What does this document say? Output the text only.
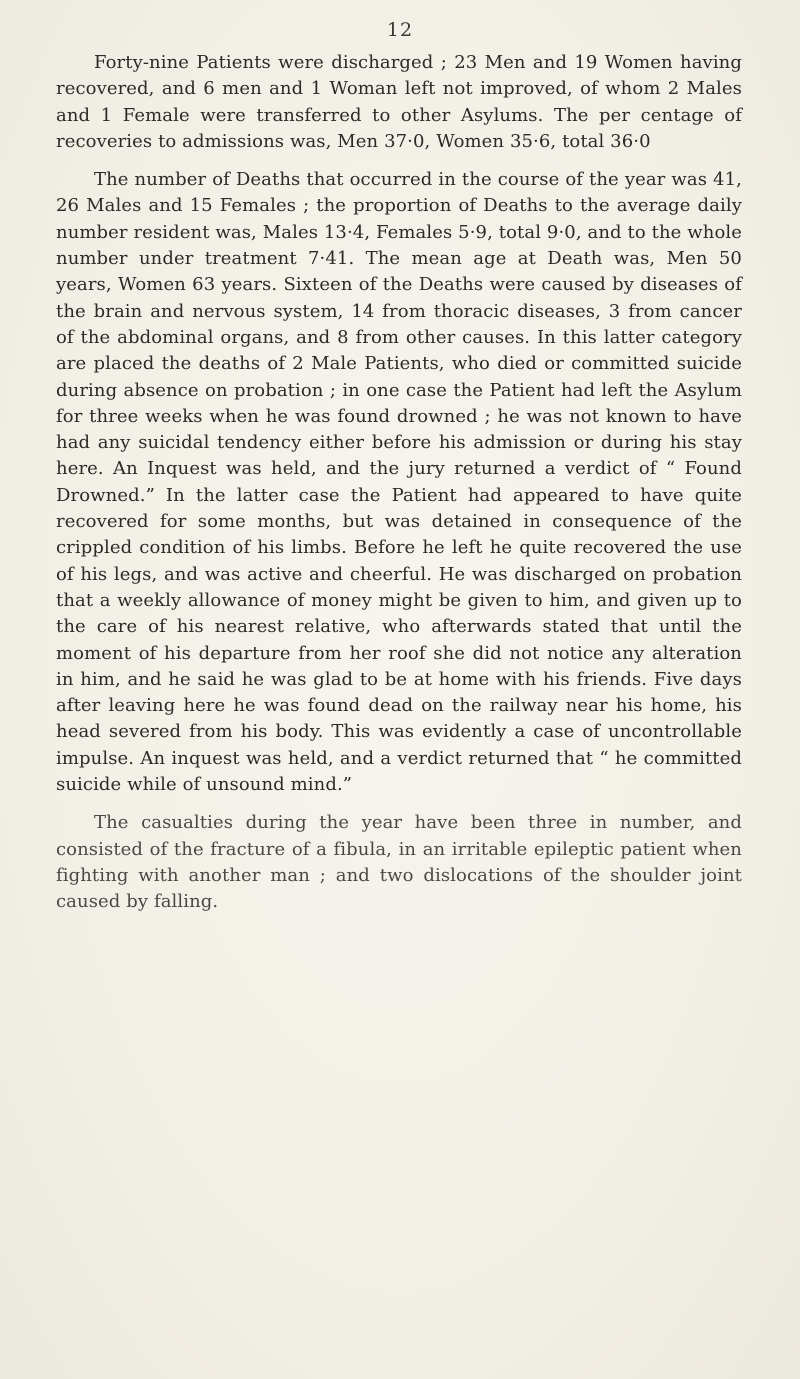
12

Forty-nine Patients were discharged ; 23 Men and 19 Women having recovered, and 6 men and 1 Woman left not improved, of whom 2 Males and 1 Female were transferred to other Asylums. The per centage of recoveries to admissions was, Men 37·0, Women 35·6, total 36·0

The number of Deaths that occurred in the course of the year was 41, 26 Males and 15 Females ; the proportion of Deaths to the average daily number resident was, Males 13·4, Females 5·9, total 9·0, and to the whole number under treatment 7·41. The mean age at Death was, Men 50 years, Women 63 years. Sixteen of the Deaths were caused by diseases of the brain and nervous system, 14 from thoracic diseases, 3 from cancer of the abdominal organs, and 8 from other causes. In this latter category are placed the deaths of 2 Male Patients, who died or committed suicide during absence on probation ; in one case the Patient had left the Asylum for three weeks when he was found drowned ; he was not known to have had any suicidal tendency either before his admission or during his stay here. An Inquest was held, and the jury returned a verdict of “ Found Drowned.” In the latter case the Patient had appeared to have quite recovered for some months, but was detained in consequence of the crippled condition of his limbs. Before he left he quite recovered the use of his legs, and was active and cheerful. He was discharged on probation that a weekly allowance of money might be given to him, and given up to the care of his nearest relative, who afterwards stated that until the moment of his departure from her roof she did not notice any alteration in him, and he said he was glad to be at home with his friends. Five days after leaving here he was found dead on the railway near his home, his head severed from his body. This was evidently a case of uncontrollable impulse. An inquest was held, and a verdict returned that “ he committed suicide while of unsound mind.”

The casualties during the year have been three in number, and consisted of the fracture of a fibula, in an irritable epileptic patient when fighting with another man ; and two dislocations of the shoulder joint caused by falling.
